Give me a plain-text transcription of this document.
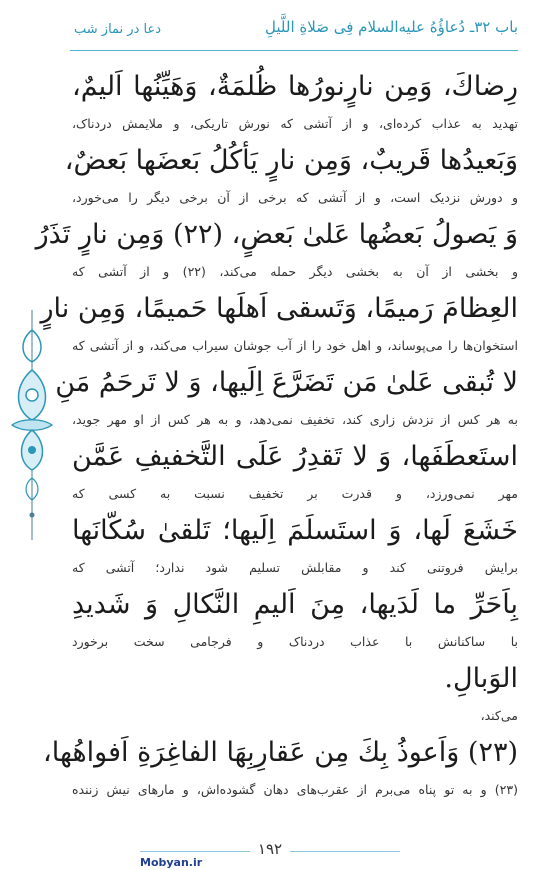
باب ۳۲ـ دُعاؤُهُ عليه‌السلام فِى صَلاةِ اللَّيلِ
دعا در نماز شب
رِضاكَ، وَمِن نارٍنورُها ظُلمَةٌ، وَهَيِّنُها اَليمٌ،
تهدید به عذاب کرده‌ای، و از آتشی که نورش تاریکی، و ملایمش دردناک،
وَبَعيدُها قَريبٌ، وَمِن نارٍ يَأكُلُ بَعضَها بَعضٌ،
و دورش نزدیک است، و از آتشی که برخی از آن برخی دیگر را می‌خورد،
وَ يَصولُ بَعضُها عَلىٰ بَعضٍ، (۲۲) وَمِن نارٍ تَذَرُ
و بخشی از آن به بخشی دیگر حمله می‌کند، (۲۲) و از آتشی که
العِظامَ رَميمًا، وَتَسقى اَهلَها حَميمًا، وَمِن نارٍ
استخوان‌ها را می‌پوساند، و اهل خود را از آب جوشان سیراب می‌کند، و از آتشی که
لا تُبقى عَلىٰ مَن تَضَرَّعَ اِلَيها، وَ لا تَرحَمُ مَنِ
به هر کس از نزدش زاری کند، تخفیف نمی‌دهد، و به هر کس از او مهر جوید،
استَعطَفَها، وَ لا تَقدِرُ عَلَى التَّخفيفِ عَمَّن
مهر نمی‌ورزد، و قدرت بر تخفیف نسبت به کسی که
خَشَعَ لَها، وَ استَسلَمَ اِلَيها؛ تَلقىٰ سُكّانَها
برایش فروتنی کند و مقابلش تسلیم شود ندارد؛ آتشی که
بِاَحَرِّ ما لَدَيها، مِنَ اَليمِ النَّكالِ وَ شَديدِ
با ساکنانش با عذاب دردناک و فرجامی سخت برخورد
الوَبالِ.
می‌کند،
(۲۳) وَاَعوذُ بِكَ مِن عَقارِبِهَا الفاغِرَةِ اَفواهُها،
(۲۳) و به تو پناه می‌برم از عقرب‌های دهان گشوده‌اش، و مارهای نیش زننده
۱۹۲
Mobyan.ir
